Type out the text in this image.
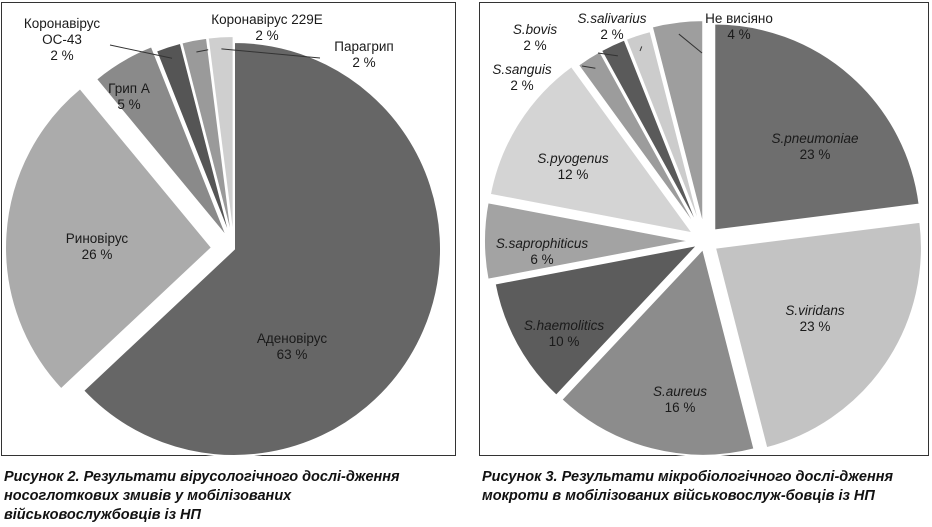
Аденовірус
63 %
Риновірус
26 %
Грип А
5 %
Коронавірус
OC-43
2 %
Коронавірус 229E
2 %
Парагрип
2 %
S.pneumoniae
23 %
S.viridans
23 %
S.aureus
16 %
S.haemolitics
10 %
S.saprophiticus
6 %
S.pyogenus
12 %
S.sanguis
2 %
S.bovis
2 %
S.salivarius
2 %
Не висіяно
4 %
Рисунок 2. Результати вірусологічного дослі-дження носоглоткових змивів у мобілізованих військовослужбовців із НП
Рисунок 3. Результати мікробіологічного дослі-дження мокроти в мобілізованих військовослуж-бовців із НП
